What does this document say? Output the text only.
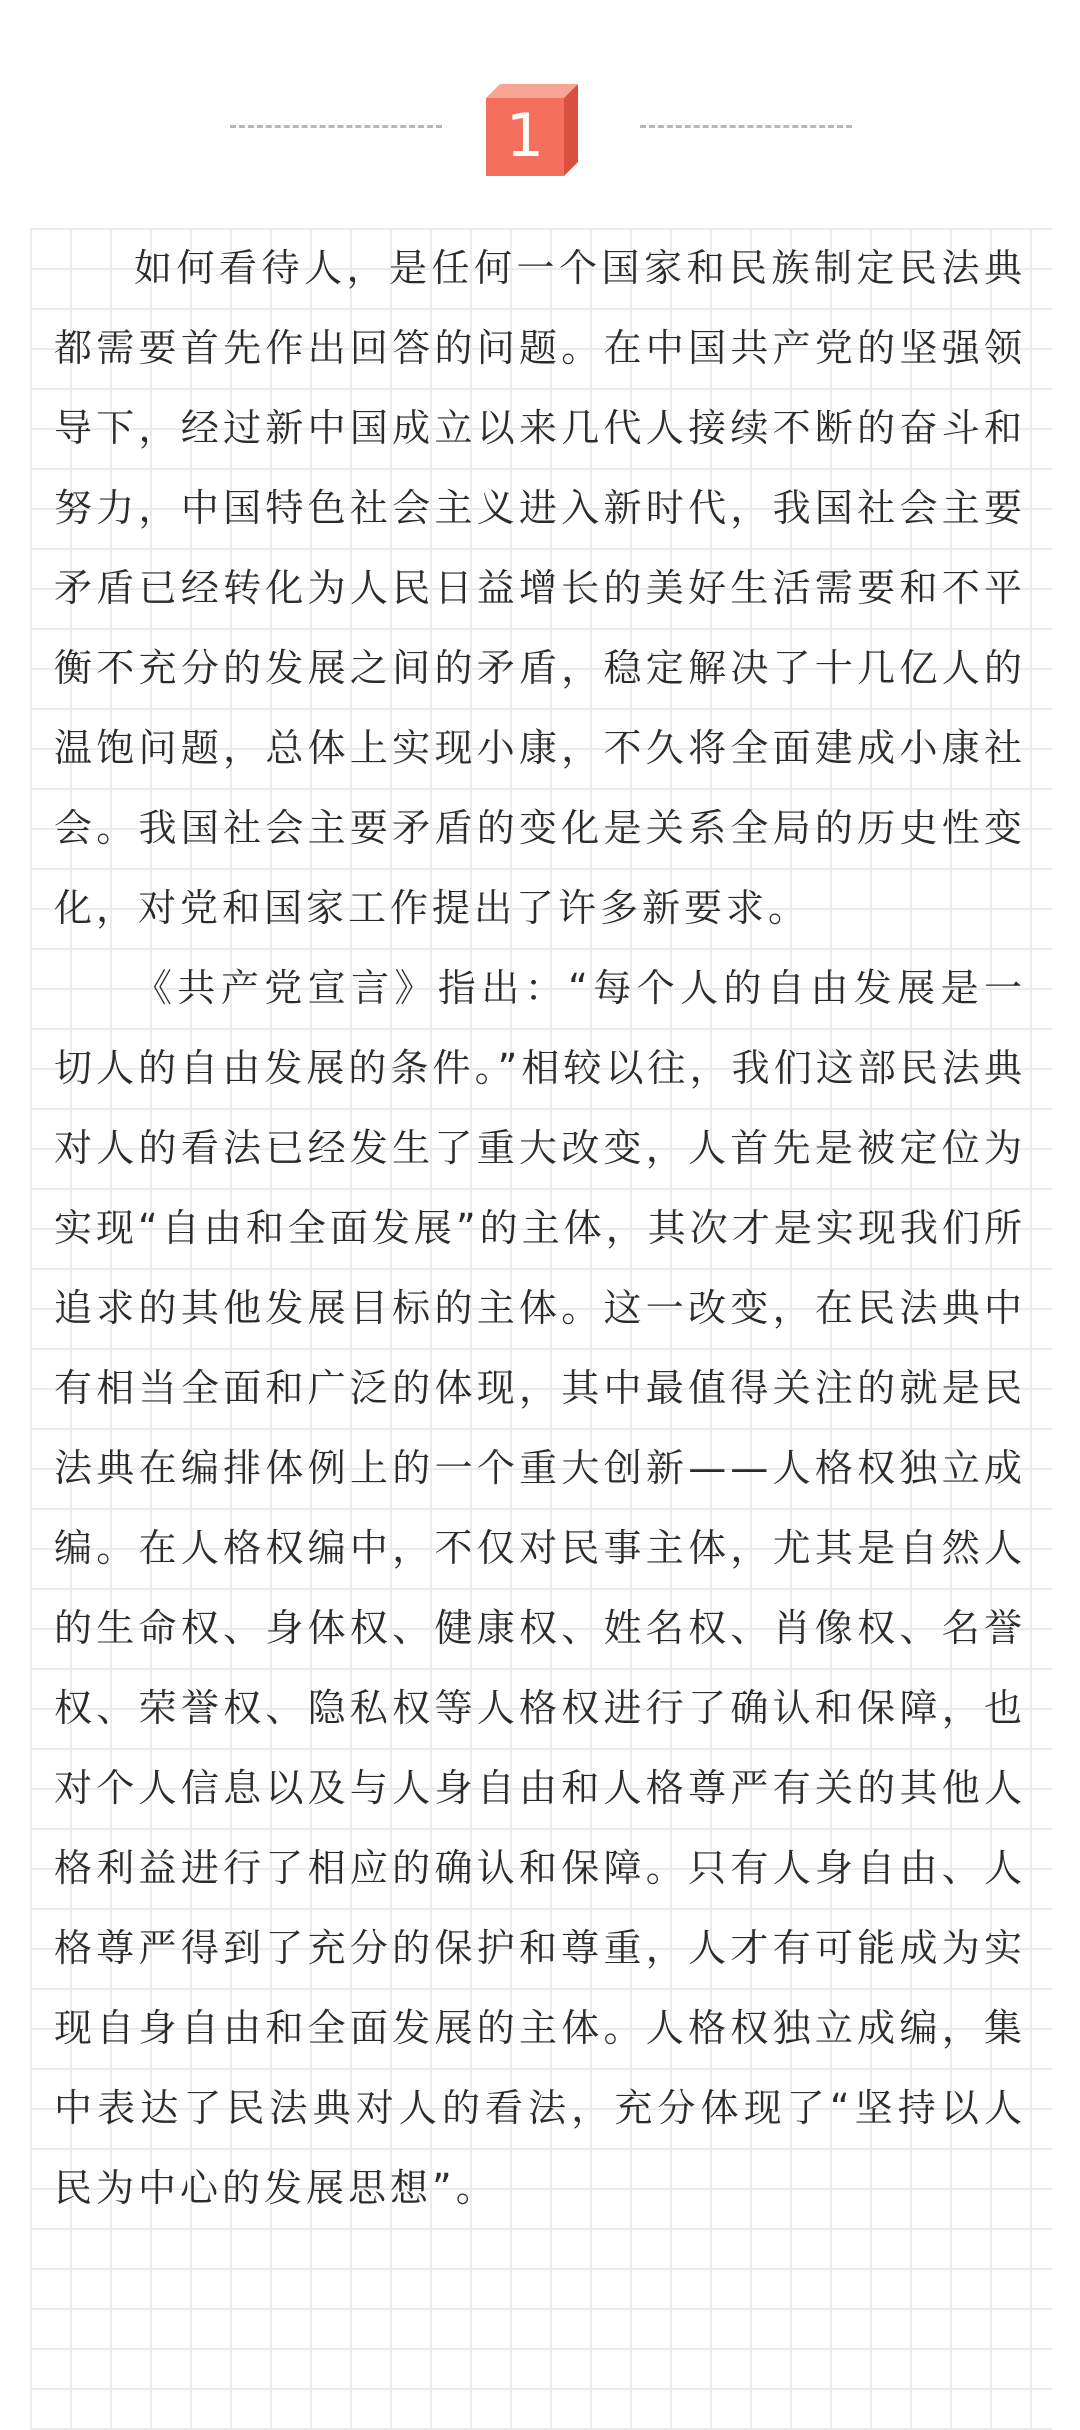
1

如何看待人，是任何一个国家和民族制定民法典都需要首先作出回答的问题。在中国共产党的坚强领导下，经过新中国成立以来几代人接续不断的奋斗和努力，中国特色社会主义进入新时代，我国社会主要矛盾已经转化为人民日益增长的美好生活需要和不平衡不充分的发展之间的矛盾，稳定解决了十几亿人的温饱问题，总体上实现小康，不久将全面建成小康社会。我国社会主要矛盾的变化是关系全局的历史性变化，对党和国家工作提出了许多新要求。

《共产党宣言》指出：“每个人的自由发展是一切人的自由发展的条件。”相较以往，我们这部民法典对人的看法已经发生了重大改变，人首先是被定位为实现“自由和全面发展”的主体，其次才是实现我们所追求的其他发展目标的主体。这一改变，在民法典中有相当全面和广泛的体现，其中最值得关注的就是民法典在编排体例上的一个重大创新——人格权独立成编。在人格权编中，不仅对民事主体，尤其是自然人的生命权、身体权、健康权、姓名权、肖像权、名誉权、荣誉权、隐私权等人格权进行了确认和保障，也对个人信息以及与人身自由和人格尊严有关的其他人格利益进行了相应的确认和保障。只有人身自由、人格尊严得到了充分的保护和尊重，人才有可能成为实现自身自由和全面发展的主体。人格权独立成编，集中表达了民法典对人的看法，充分体现了“坚持以人民为中心的发展思想”。
